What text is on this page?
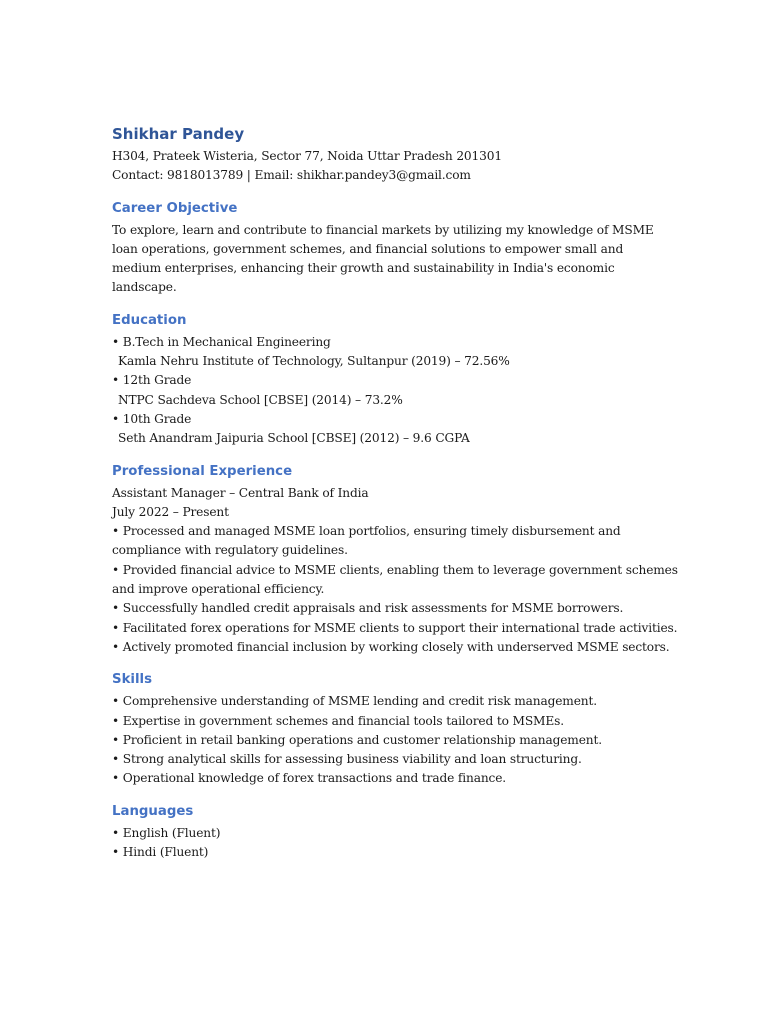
Shikhar Pandey
H304, Prateek Wisteria, Sector 77, Noida Uttar Pradesh 201301
Contact: 9818013789 | Email: shikhar.pandey3@gmail.com
Career Objective
To explore, learn and contribute to financial markets by utilizing my knowledge of MSME
loan operations, government schemes, and financial solutions to empower small and
medium enterprises, enhancing their growth and sustainability in India's economic
landscape.
Education
• B.Tech in Mechanical Engineering
Kamla Nehru Institute of Technology, Sultanpur (2019) – 72.56%
• 12th Grade
NTPC Sachdeva School [CBSE] (2014) – 73.2%
• 10th Grade
Seth Anandram Jaipuria School [CBSE] (2012) – 9.6 CGPA
Professional Experience
Assistant Manager – Central Bank of India
July 2022 – Present
• Processed and managed MSME loan portfolios, ensuring timely disbursement and
compliance with regulatory guidelines.
• Provided financial advice to MSME clients, enabling them to leverage government schemes
and improve operational efficiency.
• Successfully handled credit appraisals and risk assessments for MSME borrowers.
• Facilitated forex operations for MSME clients to support their international trade activities.
• Actively promoted financial inclusion by working closely with underserved MSME sectors.
Skills
• Comprehensive understanding of MSME lending and credit risk management.
• Expertise in government schemes and financial tools tailored to MSMEs.
• Proficient in retail banking operations and customer relationship management.
• Strong analytical skills for assessing business viability and loan structuring.
• Operational knowledge of forex transactions and trade finance.
Languages
• English (Fluent)
• Hindi (Fluent)
